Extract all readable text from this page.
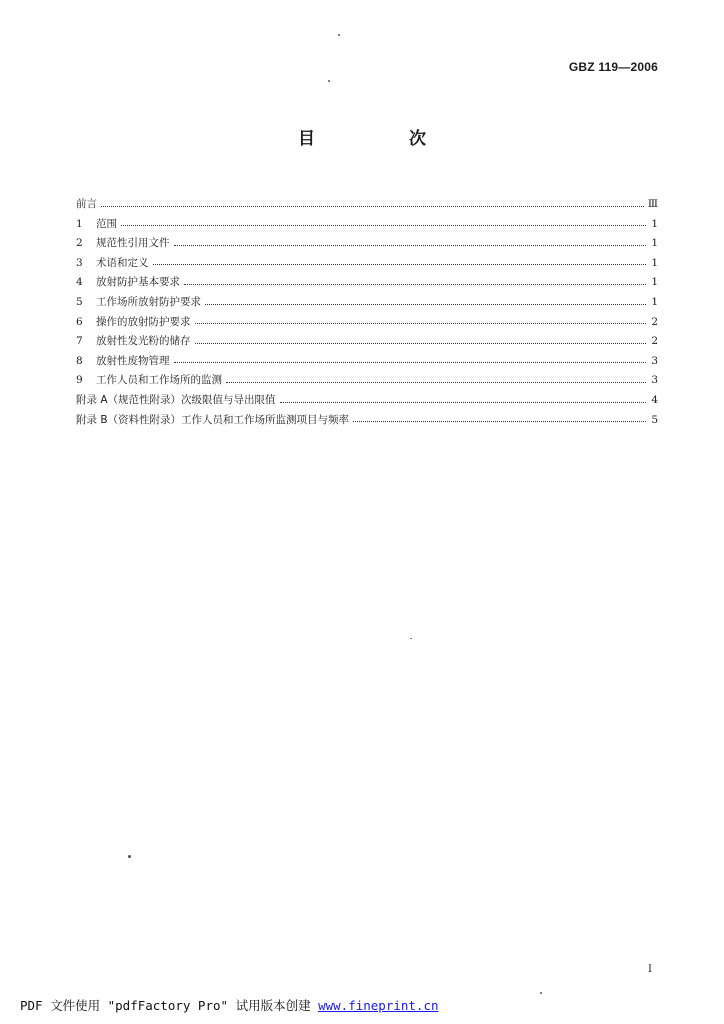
GBZ 119—2006
目 次
前言	Ⅲ
1	范围	1
2	规范性引用文件	1
3	术语和定义	1
4	放射防护基本要求	1
5	工作场所放射防护要求	1
6	操作的放射防护要求	2
7	放射性发光粉的储存	2
8	放射性废物管理	3
9	工作人员和工作场所的监测	3
附录 A（规范性附录）次级限值与导出限值	4
附录 B（资料性附录）工作人员和工作场所监测项目与频率	5
I
PDF 文件使用 "pdfFactory Pro" 试用版本创建 www.fineprint.cn
